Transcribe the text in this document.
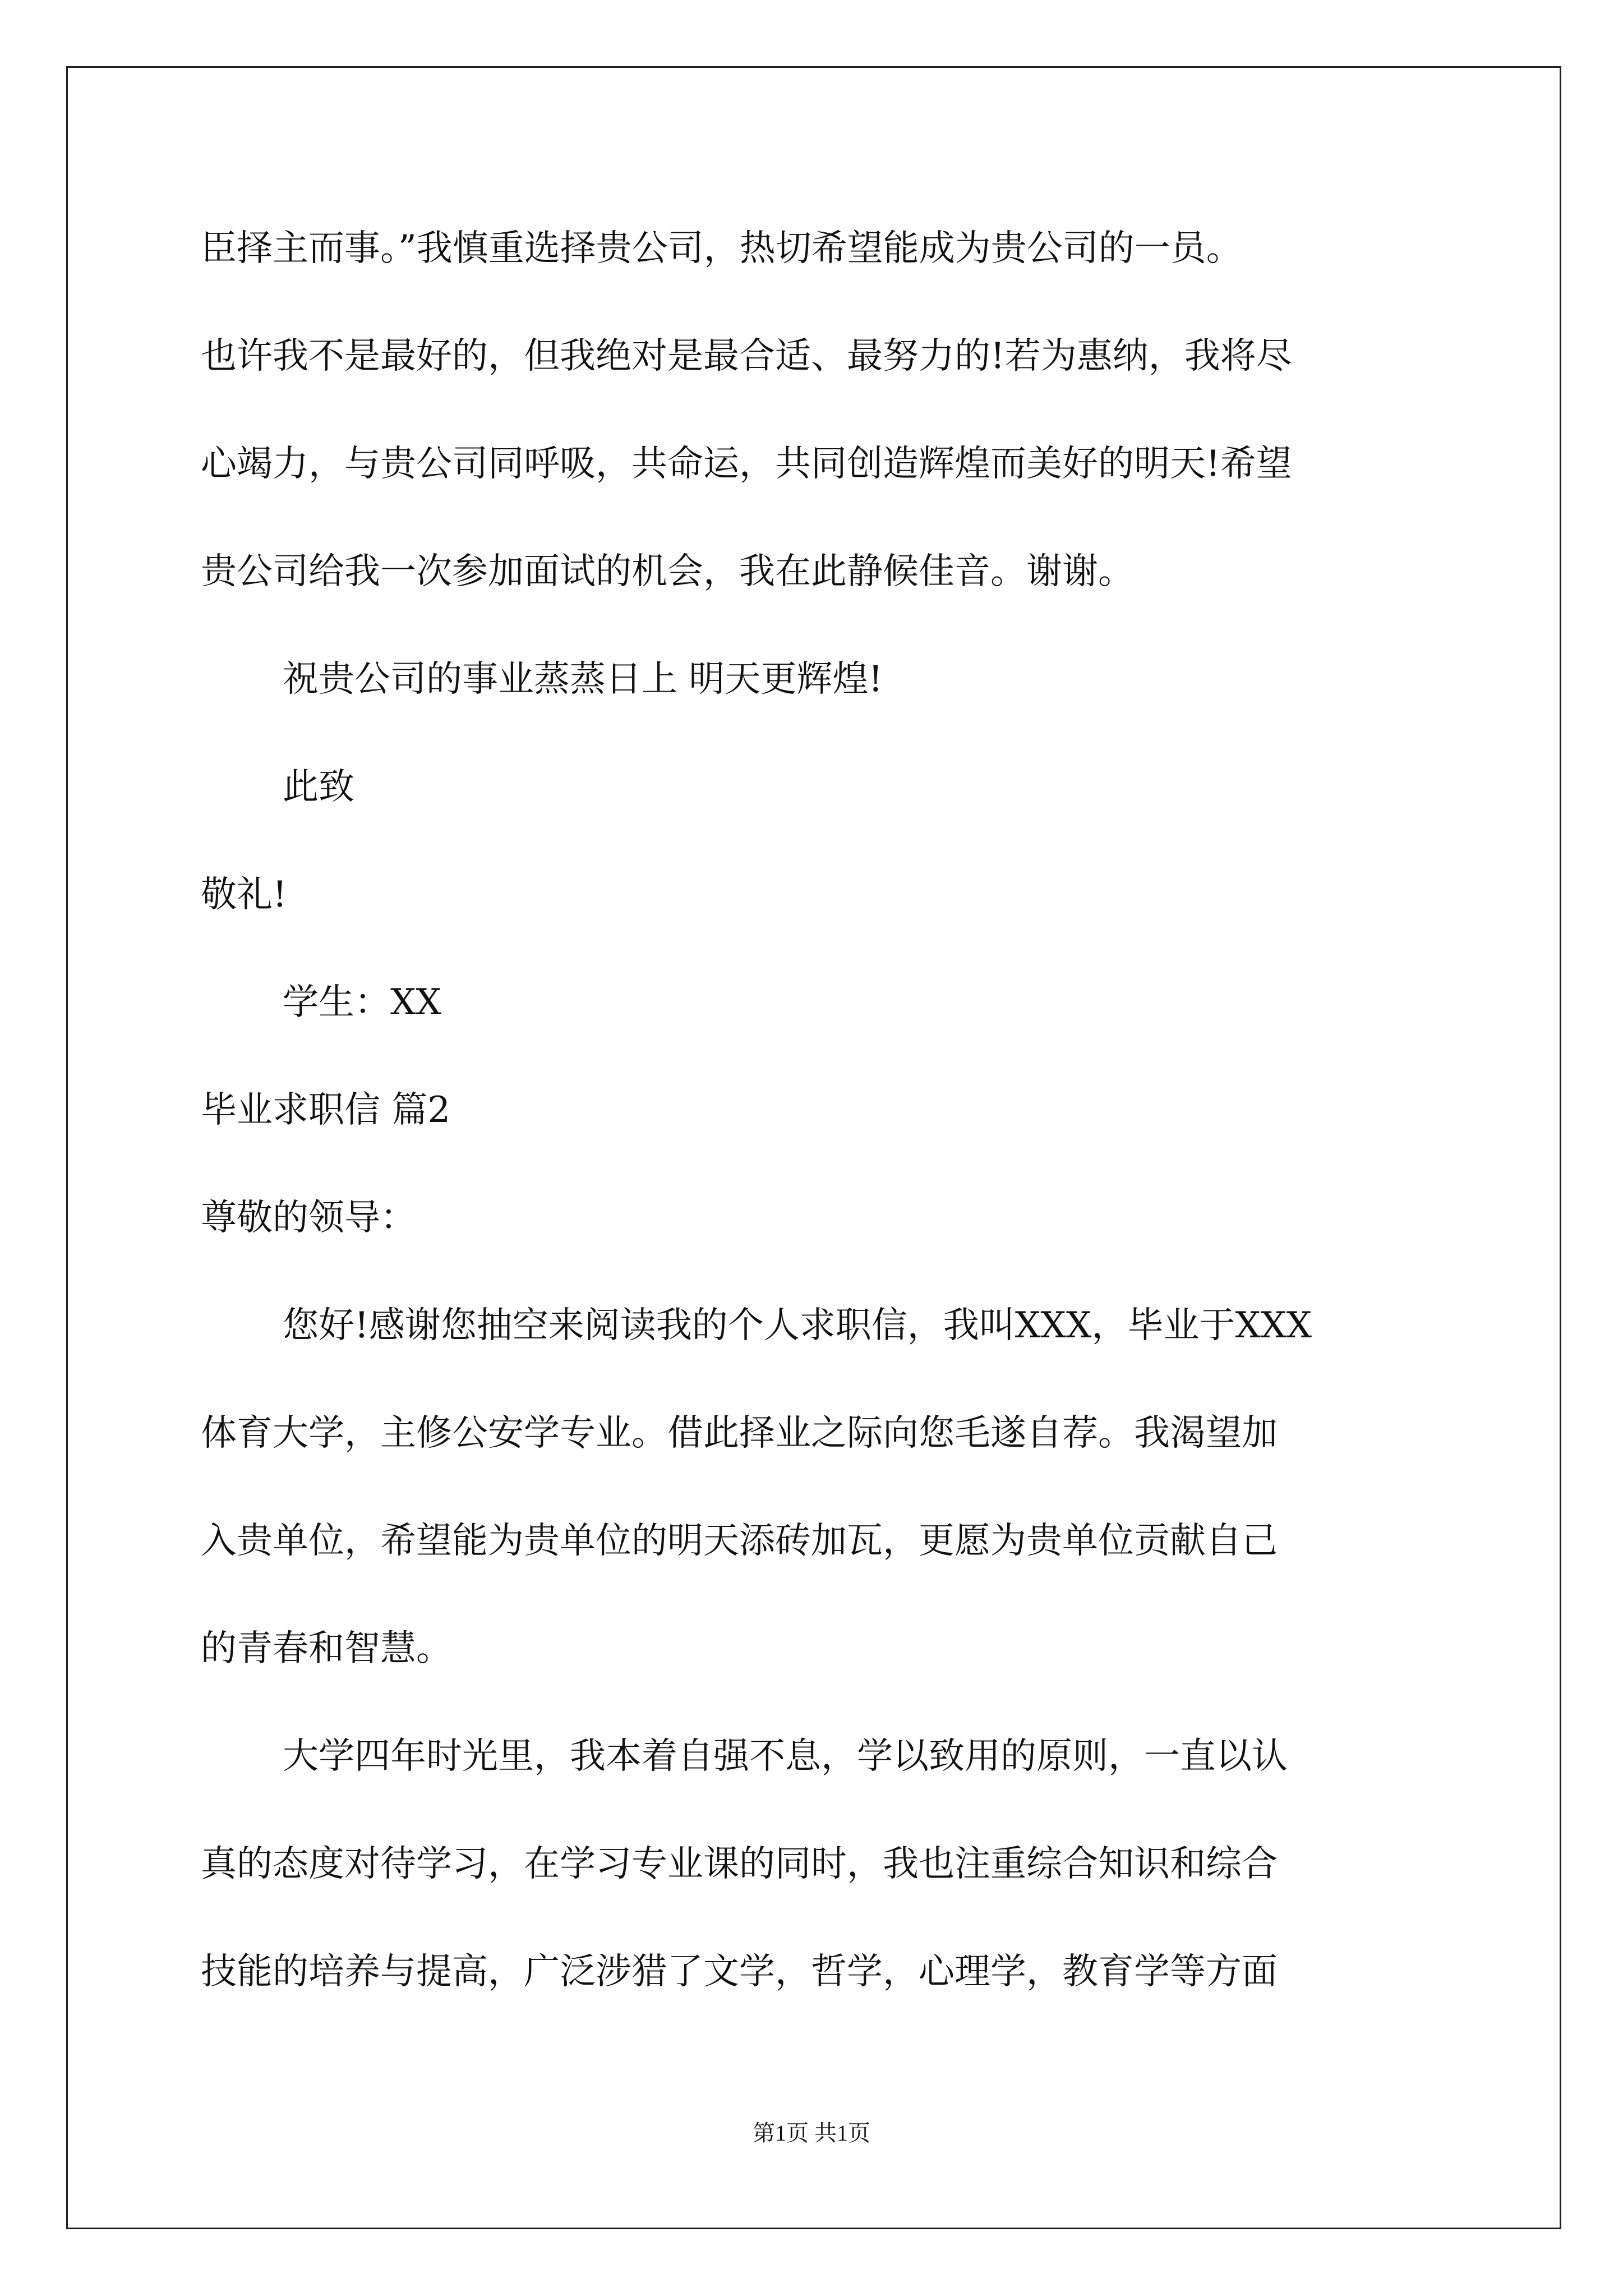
臣择主而事。”我慎重选择贵公司，热切希望能成为贵公司的一员。
也许我不是最好的，但我绝对是最合适、最努力的!若为惠纳，我将尽
心竭力，与贵公司同呼吸，共命运，共同创造辉煌而美好的明天!希望
贵公司给我一次参加面试的机会，我在此静候佳音。谢谢。
祝贵公司的事业蒸蒸日上 明天更辉煌!
此致
敬礼!
学生：XX
毕业求职信 篇2
尊敬的领导：
您好!感谢您抽空来阅读我的个人求职信，我叫XXX，毕业于XXX
体育大学，主修公安学专业。借此择业之际向您毛遂自荐。我渴望加
入贵单位，希望能为贵单位的明天添砖加瓦，更愿为贵单位贡献自己
的青春和智慧。
大学四年时光里，我本着自强不息，学以致用的原则，一直以认
真的态度对待学习，在学习专业课的同时，我也注重综合知识和综合
技能的培养与提高，广泛涉猎了文学，哲学，心理学，教育学等方面
第1页 共1页
